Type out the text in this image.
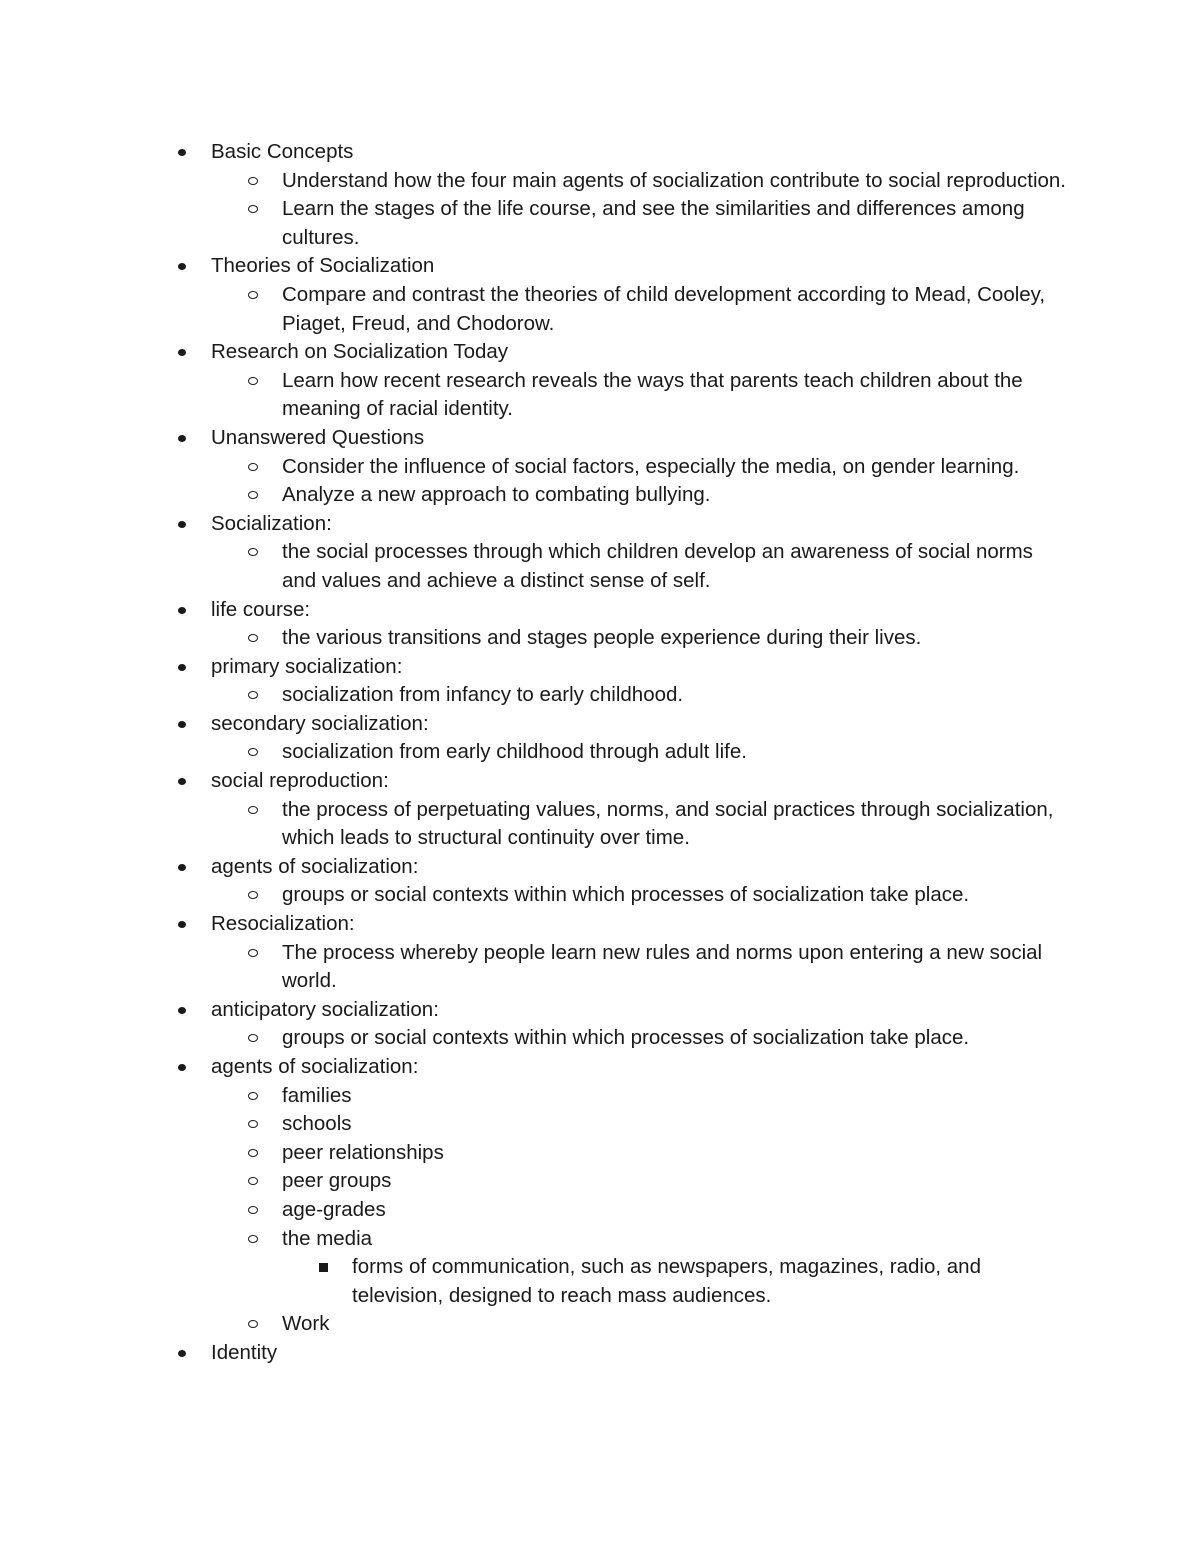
Basic Concepts
Understand how the four main agents of socialization contribute to social reproduction.
Learn the stages of the life course, and see the similarities and differences among cultures.
Theories of Socialization
Compare and contrast the theories of child development according to Mead, Cooley, Piaget, Freud, and Chodorow.
Research on Socialization Today
Learn how recent research reveals the ways that parents teach children about the meaning of racial identity.
Unanswered Questions
Consider the influence of social factors, especially the media, on gender learning.
Analyze a new approach to combating bullying.
Socialization:
the social processes through which children develop an awareness of social norms and values and achieve a distinct sense of self.
life course:
the various transitions and stages people experience during their lives.
primary socialization:
socialization from infancy to early childhood.
secondary socialization:
socialization from early childhood through adult life.
social reproduction:
the process of perpetuating values, norms, and social practices through socialization, which leads to structural continuity over time.
agents of socialization:
groups or social contexts within which processes of socialization take place.
Resocialization:
The process whereby people learn new rules and norms upon entering a new social world.
anticipatory socialization:
groups or social contexts within which processes of socialization take place.
agents of socialization:
families
schools
peer relationships
peer groups
age-grades
the media
forms of communication, such as newspapers, magazines, radio, and television, designed to reach mass audiences.
Work
Identity
